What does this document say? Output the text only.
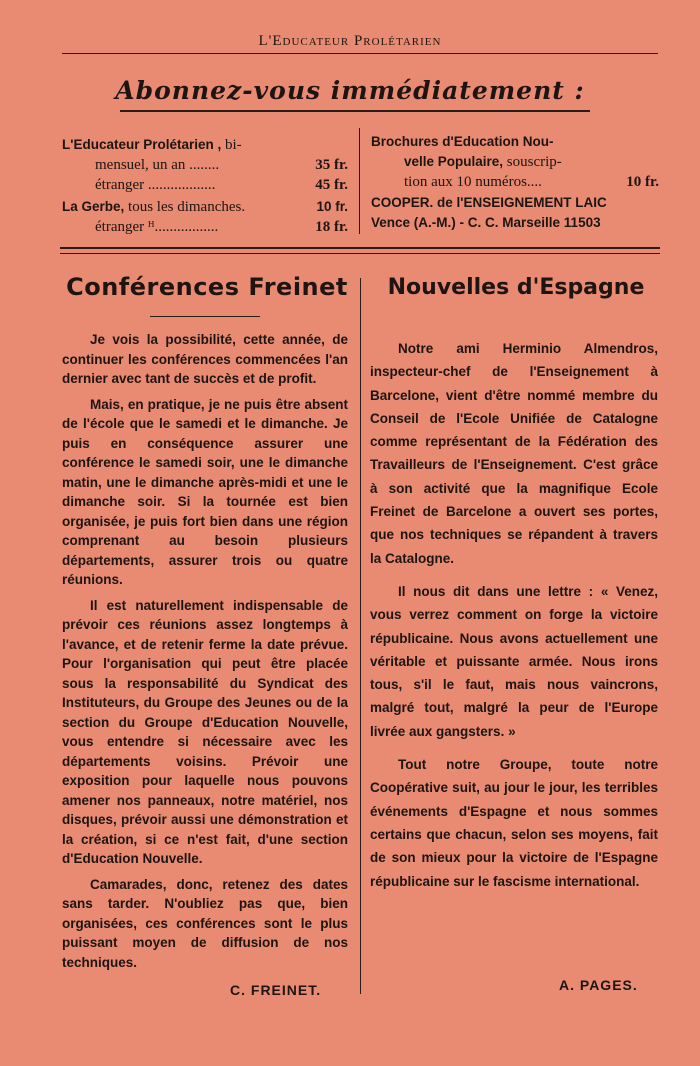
L'Educateur Prolétarien
Abonnez-vous immédiatement :
L'Educateur Prolétarien , bi-
mensuel, un an ........	35 fr.
étranger ..................	45 fr.
La Gerbe, tous les dimanches.	10 fr.
étranger ᴴ.................	18 fr.
Brochures d'Education Nou-
velle Populaire, souscrip-
tion aux 10 numéros....	10 fr.
COOPER. de l'ENSEIGNEMENT LAIC
Vence (A.-M.) - C. C. Marseille 11503
Conférences Freinet

Je vois la possibilité, cette année, de continuer les conférences commencées l'an dernier avec tant de succès et de profit.

Mais, en pratique, je ne puis être absent de l'école que le samedi et le dimanche. Je puis en conséquence assurer une conférence le samedi soir, une le dimanche matin, une le dimanche après-midi et une le dimanche soir. Si la tournée est bien organisée, je puis fort bien dans une région comprenant au besoin plusieurs départements, assurer trois ou quatre réunions.

Il est naturellement indispensable de prévoir ces réunions assez longtemps à l'avance, et de retenir ferme la date prévue. Pour l'organisation qui peut être placée sous la responsabilité du Syndicat des Instituteurs, du Groupe des Jeunes ou de la section du Groupe d'Education Nouvelle, vous entendre si nécessaire avec les départements voisins. Prévoir une exposition pour laquelle nous pouvons amener nos panneaux, notre matériel, nos disques, prévoir aussi une démonstration et la création, si ce n'est fait, d'une section d'Education Nouvelle.

Camarades, donc, retenez des dates sans tarder. N'oubliez pas que, bien organisées, ces conférences sont le plus puissant moyen de diffusion de nos techniques.

C. FREINET.
Nouvelles d'Espagne

Notre ami Herminio Almendros, inspecteur-chef de l'Enseignement à Barcelone, vient d'être nommé membre du Conseil de l'Ecole Unifiée de Catalogne comme représentant de la Fédération des Travailleurs de l'Enseignement. C'est grâce à son activité que la magnifique Ecole Freinet de Barcelone a ouvert ses portes, que nos techniques se répandent à travers la Catalogne.

Il nous dit dans une lettre : « Venez, vous verrez comment on forge la victoire républicaine. Nous avons actuellement une véritable et puissante armée. Nous irons tous, s'il le faut, mais nous vaincrons, malgré tout, malgré la peur de l'Europe livrée aux gangsters. »

Tout notre Groupe, toute notre Coopérative suit, au jour le jour, les terribles événements d'Espagne et nous sommes certains que chacun, selon ses moyens, fait de son mieux pour la victoire de l'Espagne républicaine sur le fascisme international.

A. PAGES.
